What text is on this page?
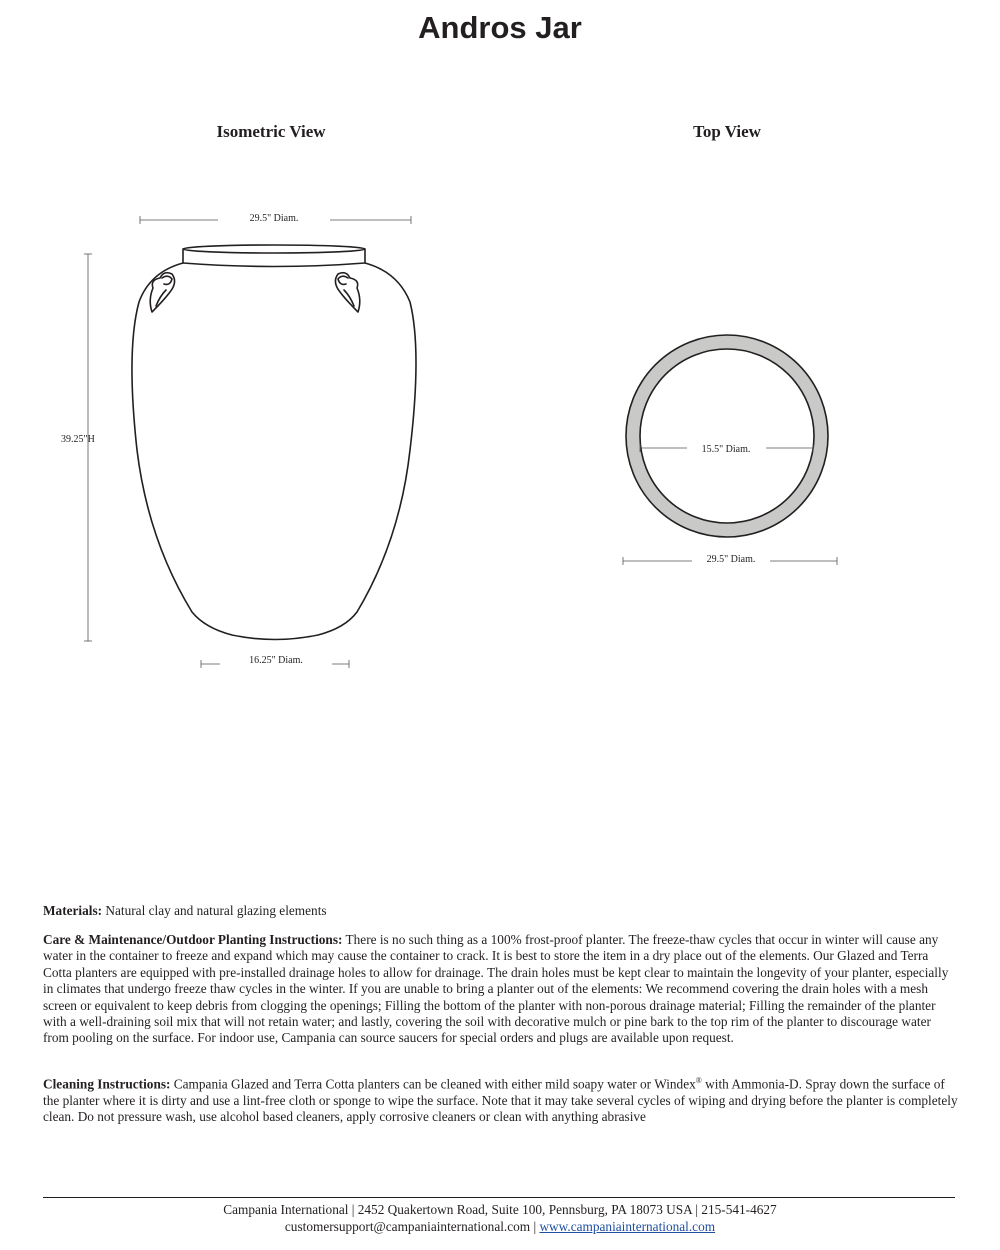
Andros Jar
Isometric View	Top View
29.5" Diam.
39.25"H
16.25" Diam.
15.5" Diam.
29.5" Diam.
Materials: Natural clay and natural glazing elements
Care & Maintenance/Outdoor Planting Instructions: There is no such thing as a 100% frost-proof planter. The freeze-thaw cycles that occur in winter will cause any water in the container to freeze and expand which may cause the container to crack. It is best to store the item in a dry place out of the elements. Our Glazed and Terra Cotta planters are equipped with pre-installed drainage holes to allow for drainage. The drain holes must be kept clear to maintain the longevity of your planter, especially in climates that undergo freeze thaw cycles in the winter. If you are unable to bring a planter out of the elements: We recommend covering the drain holes with a mesh screen or equivalent to keep debris from clogging the openings; Filling the bottom of the planter with non-porous drainage material; Filling the remainder of the planter with a well-draining soil mix that will not retain water; and lastly, covering the soil with decorative mulch or pine bark to the top rim of the planter to discourage water from pooling on the surface. For indoor use, Campania can source saucers for special orders and plugs are available upon request.
Cleaning Instructions: Campania Glazed and Terra Cotta planters can be cleaned with either mild soapy water or Windex® with Ammonia-D. Spray down the surface of the planter where it is dirty and use a lint-free cloth or sponge to wipe the surface. Note that it may take several cycles of wiping and drying before the planter is completely clean. Do not pressure wash, use alcohol based cleaners, apply corrosive cleaners or clean with anything abrasive
Campania International | 2452 Quakertown Road, Suite 100, Pennsburg, PA 18073 USA | 215-541-4627
customersupport@campaniainternational.com | www.campaniainternational.com
